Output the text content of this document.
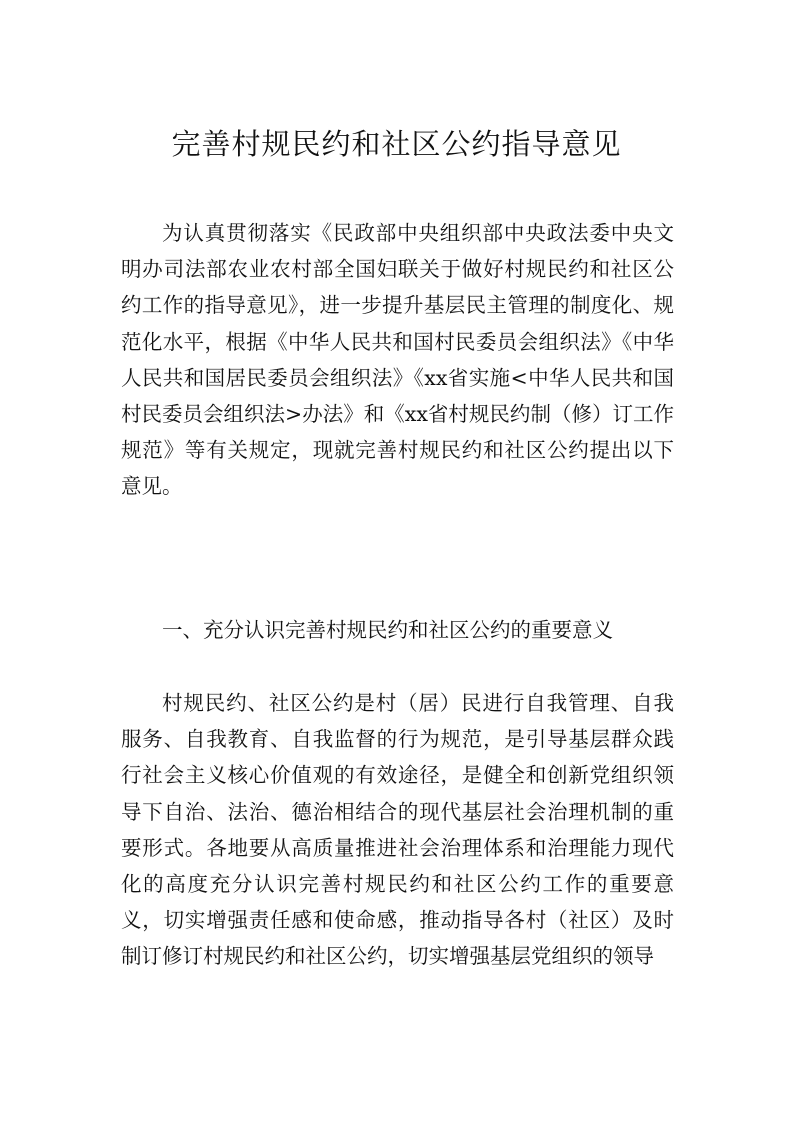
完善村规民约和社区公约指导意见

为认真贯彻落实《民政部中央组织部中央政法委中央文明办司法部农业农村部全国妇联关于做好村规民约和社区公约工作的指导意见》，进一步提升基层民主管理的制度化、规范化水平，根据《中华人民共和国村民委员会组织法》《中华人民共和国居民委员会组织法》《xx省实施<中华人民共和国村民委员会组织法>办法》和《xx省村规民约制（修）订工作规范》等有关规定，现就完善村规民约和社区公约提出以下意见。

一、充分认识完善村规民约和社区公约的重要意义

村规民约、社区公约是村（居）民进行自我管理、自我服务、自我教育、自我监督的行为规范，是引导基层群众践行社会主义核心价值观的有效途径，是健全和创新党组织领导下自治、法治、德治相结合的现代基层社会治理机制的重要形式。各地要从高质量推进社会治理体系和治理能力现代化的高度充分认识完善村规民约和社区公约工作的重要意义，切实增强责任感和使命感，推动指导各村（社区）及时制订修订村规民约和社区公约，切实增强基层党组织的领导
